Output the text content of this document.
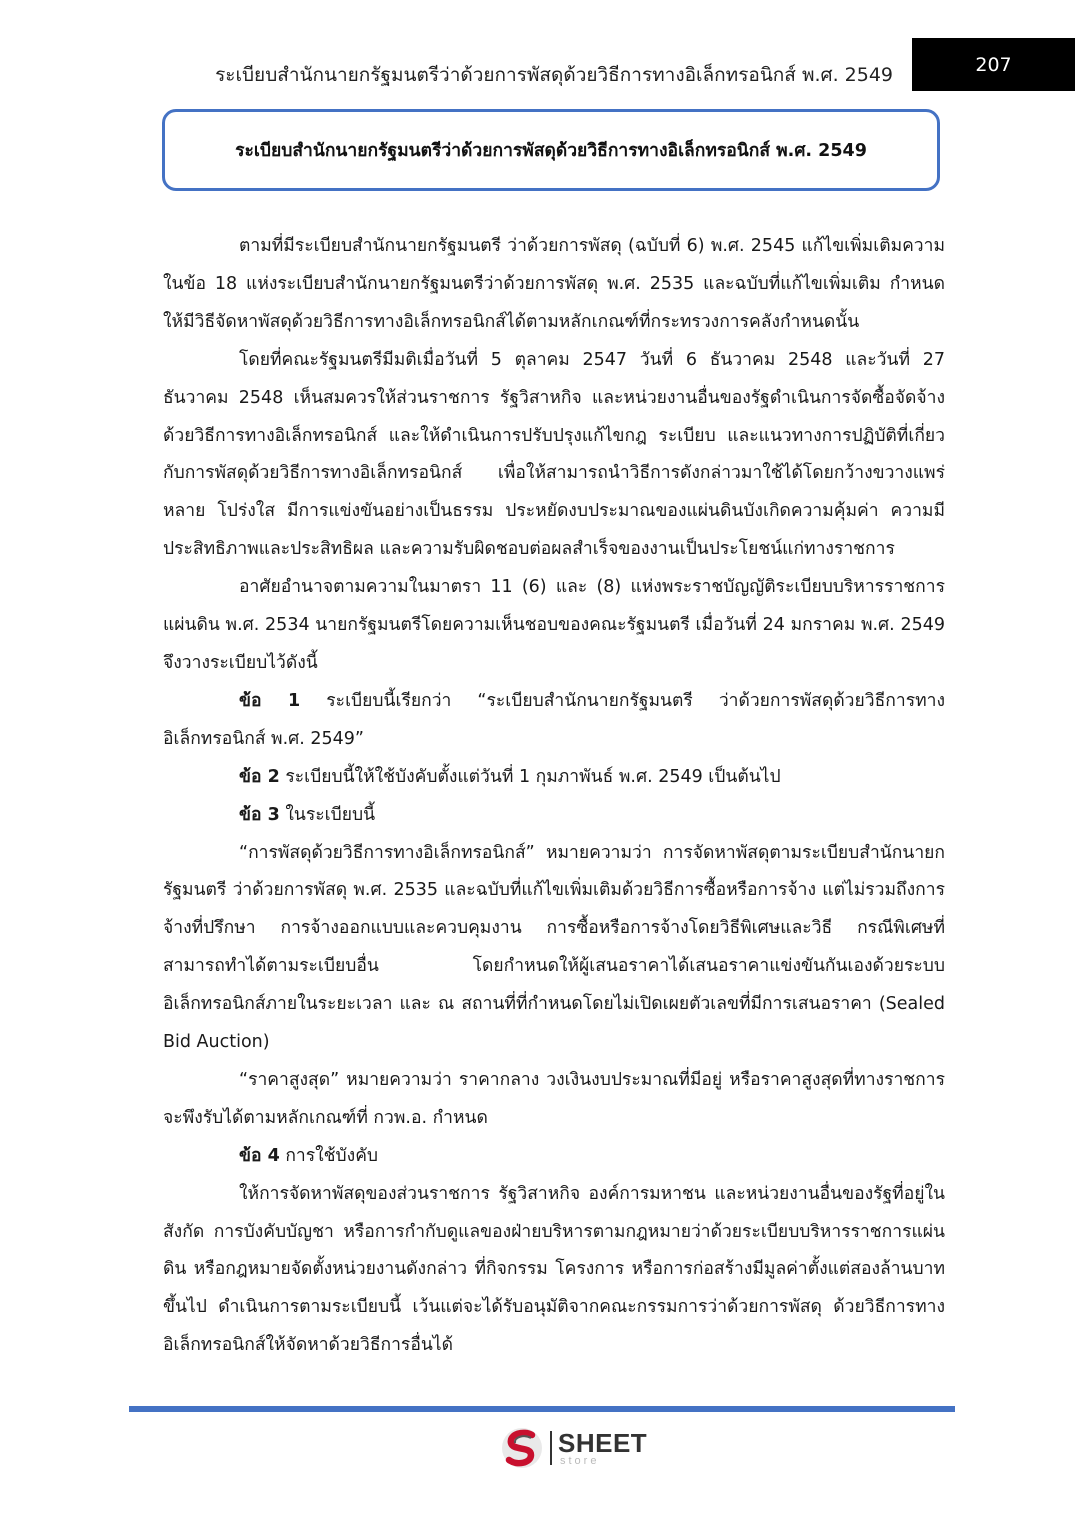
ระเบียบสำนักนายกรัฐมนตรีว่าด้วยการพัสดุด้วยวิธีการทางอิเล็กทรอนิกส์ พ.ศ. 2549	207
ระเบียบสำนักนายกรัฐมนตรีว่าด้วยการพัสดุด้วยวิธีการทางอิเล็กทรอนิกส์ พ.ศ. 2549

ตามที่มีระเบียบสำนักนายกรัฐมนตรี ว่าด้วยการพัสดุ (ฉบับที่ 6) พ.ศ. 2545 แก้ไขเพิ่มเติมความในข้อ 18 แห่งระเบียบสำนักนายกรัฐมนตรีว่าด้วยการพัสดุ พ.ศ. 2535 และฉบับที่แก้ไขเพิ่มเติม กำหนดให้มีวิธีจัดหาพัสดุด้วยวิธีการทางอิเล็กทรอนิกส์ได้ตามหลักเกณฑ์ที่กระทรวงการคลังกำหนดนั้น

โดยที่คณะรัฐมนตรีมีมติเมื่อวันที่ 5 ตุลาคม 2547 วันที่ 6 ธันวาคม 2548 และวันที่ 27 ธันวาคม 2548 เห็นสมควรให้ส่วนราชการ รัฐวิสาหกิจ และหน่วยงานอื่นของรัฐดำเนินการจัดซื้อจัดจ้างด้วยวิธีการทางอิเล็กทรอนิกส์ และให้ดำเนินการปรับปรุงแก้ไขกฎ ระเบียบ และแนวทางการปฏิบัติที่เกี่ยวกับการพัสดุด้วยวิธีการทางอิเล็กทรอนิกส์ เพื่อให้สามารถนำวิธีการดังกล่าวมาใช้ได้โดยกว้างขวางแพร่หลาย โปร่งใส มีการแข่งขันอย่างเป็นธรรม ประหยัดงบประมาณของแผ่นดินบังเกิดความคุ้มค่า ความมีประสิทธิภาพและประสิทธิผล และความรับผิดชอบต่อผลสำเร็จของงานเป็นประโยชน์แก่ทางราชการ

อาศัยอำนาจตามความในมาตรา 11 (6) และ (8) แห่งพระราชบัญญัติระเบียบบริหารราชการแผ่นดิน พ.ศ. 2534 นายกรัฐมนตรีโดยความเห็นชอบของคณะรัฐมนตรี เมื่อวันที่ 24 มกราคม พ.ศ. 2549 จึงวางระเบียบไว้ดังนี้

ข้อ 1 ระเบียบนี้เรียกว่า “ระเบียบสำนักนายกรัฐมนตรี ว่าด้วยการพัสดุด้วยวิธีการทางอิเล็กทรอนิกส์ พ.ศ. 2549”

ข้อ 2 ระเบียบนี้ให้ใช้บังคับตั้งแต่วันที่ 1 กุมภาพันธ์ พ.ศ. 2549 เป็นต้นไป

ข้อ 3 ในระเบียบนี้

“การพัสดุด้วยวิธีการทางอิเล็กทรอนิกส์” หมายความว่า การจัดหาพัสดุตามระเบียบสำนักนายกรัฐมนตรี ว่าด้วยการพัสดุ พ.ศ. 2535 และฉบับที่แก้ไขเพิ่มเติมด้วยวิธีการซื้อหรือการจ้าง แต่ไม่รวมถึงการจ้างที่ปรึกษา การจ้างออกแบบและควบคุมงาน การซื้อหรือการจ้างโดยวิธีพิเศษและวิธี กรณีพิเศษที่สามารถทำได้ตามระเบียบอื่น โดยกำหนดให้ผู้เสนอราคาได้เสนอราคาแข่งขันกันเองด้วยระบบอิเล็กทรอนิกส์ภายในระยะเวลา และ ณ สถานที่ที่กำหนดโดยไม่เปิดเผยตัวเลขที่มีการเสนอราคา (Sealed Bid Auction)

“ราคาสูงสุด” หมายความว่า ราคากลาง วงเงินงบประมาณที่มีอยู่ หรือราคาสูงสุดที่ทางราชการจะพึงรับได้ตามหลักเกณฑ์ที่ กวพ.อ. กำหนด

ข้อ 4 การใช้บังคับ

ให้การจัดหาพัสดุของส่วนราชการ รัฐวิสาหกิจ องค์การมหาชน และหน่วยงานอื่นของรัฐที่อยู่ในสังกัด การบังคับบัญชา หรือการกำกับดูแลของฝ่ายบริหารตามกฎหมายว่าด้วยระเบียบบริหารราชการแผ่นดิน หรือกฎหมายจัดตั้งหน่วยงานดังกล่าว ที่กิจกรรม โครงการ หรือการก่อสร้างมีมูลค่าตั้งแต่สองล้านบาทขึ้นไป ดำเนินการตามระเบียบนี้ เว้นแต่จะได้รับอนุมัติจากคณะกรรมการว่าด้วยการพัสดุ ด้วยวิธีการทางอิเล็กทรอนิกส์ให้จัดหาด้วยวิธีการอื่นได้

SHEET
store
